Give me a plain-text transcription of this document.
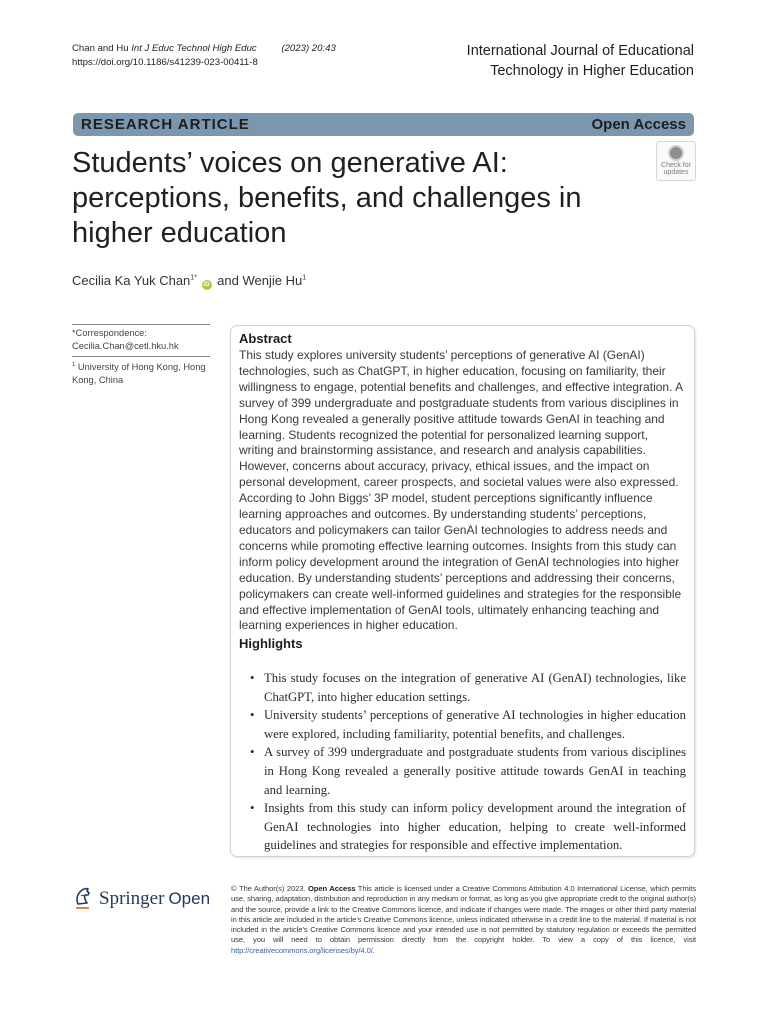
Chan and Hu Int J Educ Technol High Educ	(2023) 20:43
https://doi.org/10.1186/s41239-023-00411-8
International Journal of Educational
Technology in Higher Education
RESEARCH ARTICLE	Open Access
Students’ voices on generative AI: perceptions, benefits, and challenges in higher education
Check for
updates
Cecilia Ka Yuk Chan$^{1*}$ iD and Wenjie Hu$^1$
*Correspondence:
Cecilia.Chan@cetl.hku.hk
$^1$ University of Hong Kong, Hong Kong, China
Abstract
This study explores university students’ perceptions of generative AI (GenAI) technologies, such as ChatGPT, in higher education, focusing on familiarity, their willingness to engage, potential benefits and challenges, and effective integration. A survey of 399 undergraduate and postgraduate students from various disciplines in Hong Kong revealed a generally positive attitude towards GenAI in teaching and learning. Students recognized the potential for personalized learning support, writing and brainstorming assistance, and research and analysis capabilities. However, concerns about accuracy, privacy, ethical issues, and the impact on personal development, career prospects, and societal values were also expressed. According to John Biggs’ 3P model, student perceptions significantly influence learning approaches and outcomes. By understanding students’ perceptions, educators and policymakers can tailor GenAI technologies to address needs and concerns while promoting effective learning outcomes. Insights from this study can inform policy development around the integration of GenAI technologies into higher education. By understanding students’ perceptions and addressing their concerns, policymakers can create well-informed guidelines and strategies for the responsible and effective implementation of GenAI tools, ultimately enhancing teaching and learning experiences in higher education.
Highlights
• This study focuses on the integration of generative AI (GenAI) technologies, like ChatGPT, into higher education settings.
• University students’ perceptions of generative AI technologies in higher education were explored, including familiarity, potential benefits, and challenges.
• A survey of 399 undergraduate and postgraduate students from various disciplines in Hong Kong revealed a generally positive attitude towards GenAI in teaching and learning.
• Insights from this study can inform policy development around the integration of GenAI technologies into higher education, helping to create well-informed guidelines and strategies for responsible and effective implementation.
Springer Open
© The Author(s) 2023. Open Access This article is licensed under a Creative Commons Attribution 4.0 International License, which permits use, sharing, adaptation, distribution and reproduction in any medium or format, as long as you give appropriate credit to the original author(s) and the source, provide a link to the Creative Commons licence, and indicate if changes were made. The images or other third party material in this article are included in the article’s Creative Commons licence, unless indicated otherwise in a credit line to the material. If material is not included in the article’s Creative Commons licence and your intended use is not permitted by statutory regulation or exceeds the permitted use, you will need to obtain permission directly from the copyright holder. To view a copy of this licence, visit http://creativecommons.org/licenses/by/4.0/.
